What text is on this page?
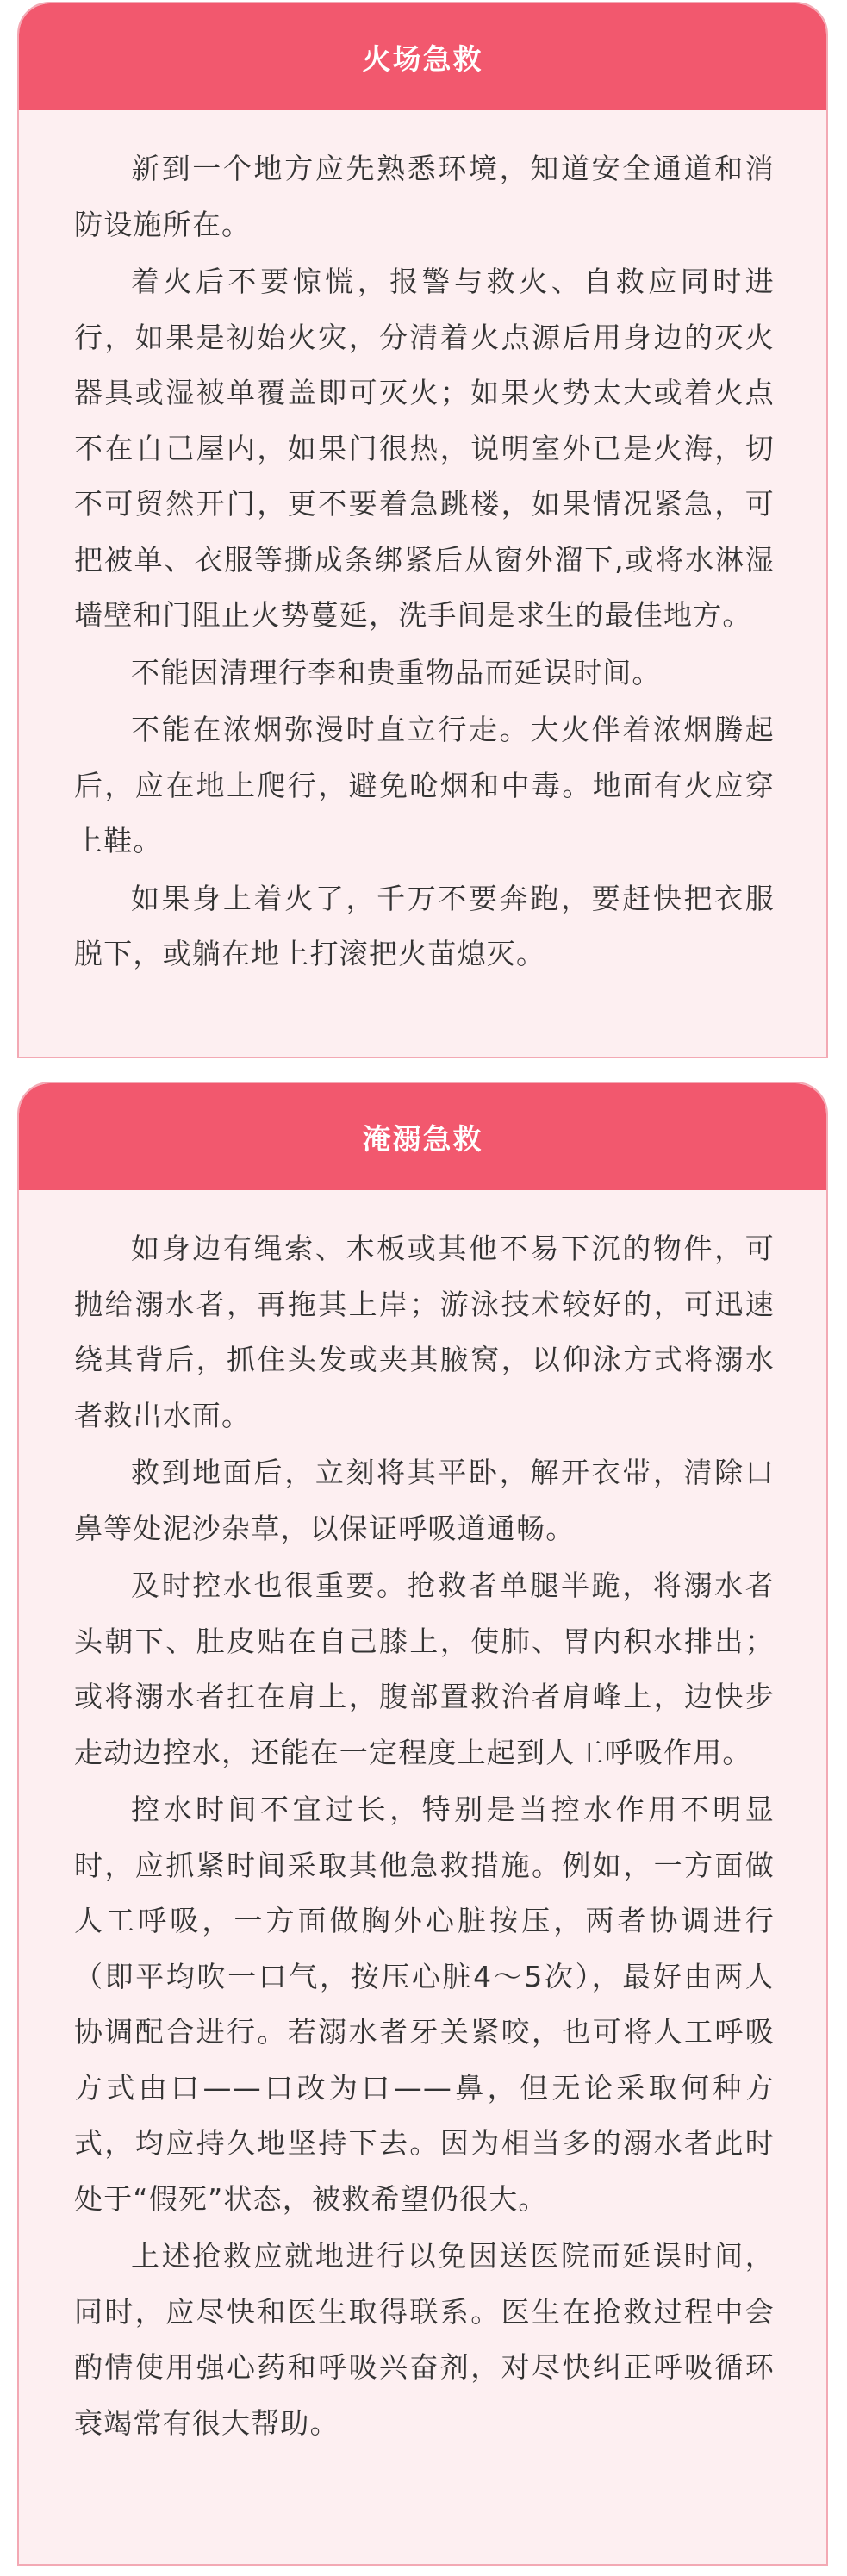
火场急救

新到一个地方应先熟悉环境，知道安全通道和消防设施所在。

着火后不要惊慌，报警与救火、自救应同时进行，如果是初始火灾，分清着火点源后用身边的灭火器具或湿被单覆盖即可灭火；如果火势太大或着火点不在自己屋内，如果门很热，说明室外已是火海，切不可贸然开门，更不要着急跳楼，如果情况紧急，可把被单、衣服等撕成条绑紧后从窗外溜下,或将水淋湿墙壁和门阻止火势蔓延，洗手间是求生的最佳地方。

不能因清理行李和贵重物品而延误时间。

不能在浓烟弥漫时直立行走。大火伴着浓烟腾起后，应在地上爬行，避免呛烟和中毒。地面有火应穿上鞋。

如果身上着火了，千万不要奔跑，要赶快把衣服脱下，或躺在地上打滚把火苗熄灭。

淹溺急救

如身边有绳索、木板或其他不易下沉的物件，可抛给溺水者，再拖其上岸；游泳技术较好的，可迅速绕其背后，抓住头发或夹其腋窝，以仰泳方式将溺水者救出水面。

救到地面后，立刻将其平卧，解开衣带，清除口鼻等处泥沙杂草，以保证呼吸道通畅。

及时控水也很重要。抢救者单腿半跪，将溺水者头朝下、肚皮贴在自己膝上，使肺、胃内积水排出；或将溺水者扛在肩上，腹部置救治者肩峰上，边快步走动边控水，还能在一定程度上起到人工呼吸作用。

控水时间不宜过长，特别是当控水作用不明显时，应抓紧时间采取其他急救措施。例如，一方面做人工呼吸，一方面做胸外心脏按压，两者协调进行（即平均吹一口气，按压心脏4～5次），最好由两人协调配合进行。若溺水者牙关紧咬，也可将人工呼吸方式由口——口改为口——鼻，但无论采取何种方式，均应持久地坚持下去。因为相当多的溺水者此时处于“假死”状态，被救希望仍很大。

上述抢救应就地进行以免因送医院而延误时间，同时，应尽快和医生取得联系。医生在抢救过程中会酌情使用强心药和呼吸兴奋剂，对尽快纠正呼吸循环衰竭常有很大帮助。
